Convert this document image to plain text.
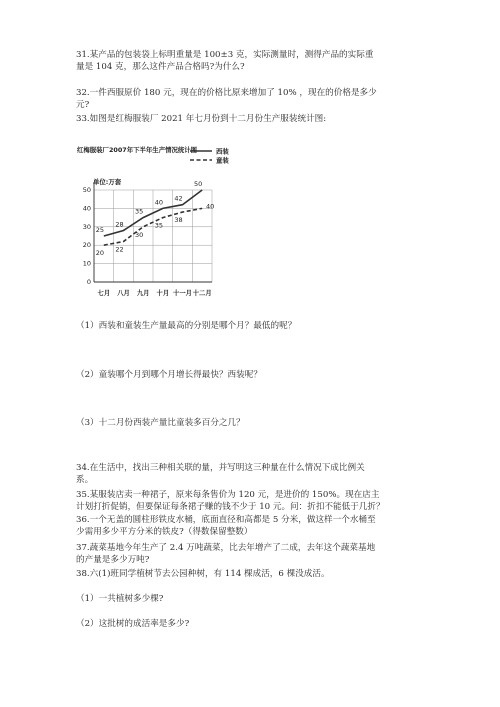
31.某产品的包装袋上标明重量是 100±3 克，实际测量时，测得产品的实际重
量是 104 克，那么这件产品合格吗?为什么?
32.一件西服原价 180 元，现在的价格比原来增加了 10% ，现在的价格是多少
元?
33.如图是红梅服装厂 2021 年七月份到十二月份生产服装统计图:
红梅服装厂2007年下半年生产情况统计图
单位:万套
0
10
20
30
40
50
七月 八月 九月 十月 十一月 十二月
25
28
35
40 42
50
20 22
30
35
38
40
西装
童装
（1）西装和童装生产量最高的分别是哪个月？最低的呢？
（2）童装哪个月到哪个月增长得最快？西装呢？
（3）十二月份西装产量比童装多百分之几？
34.在生活中，找出三种相关联的量，并写明这三种量在什么情况下成比例关
系。
35.某服装店卖一种裙子，原来每条售价为 120 元，是进价的 150%。现在店主
计划打折促销，但要保证每条裙子赚的钱不少于 10 元。问：折扣不能低于几折？
36.一个无盖的圆柱形铁皮水桶，底面直径和高都是 5 分米，做这样一个水桶至
少需用多少平方分米的铁皮?（得数保留整数）
37.蔬菜基地今年生产了 2.4 万吨蔬菜，比去年增产了二成，去年这个蔬菜基地
的产量是多少万吨?
38.六(1)班同学植树节去公园种树，有 114 棵成活，6 棵没成活。
（1）一共植树多少棵?
（2）这批树的成活率是多少?
